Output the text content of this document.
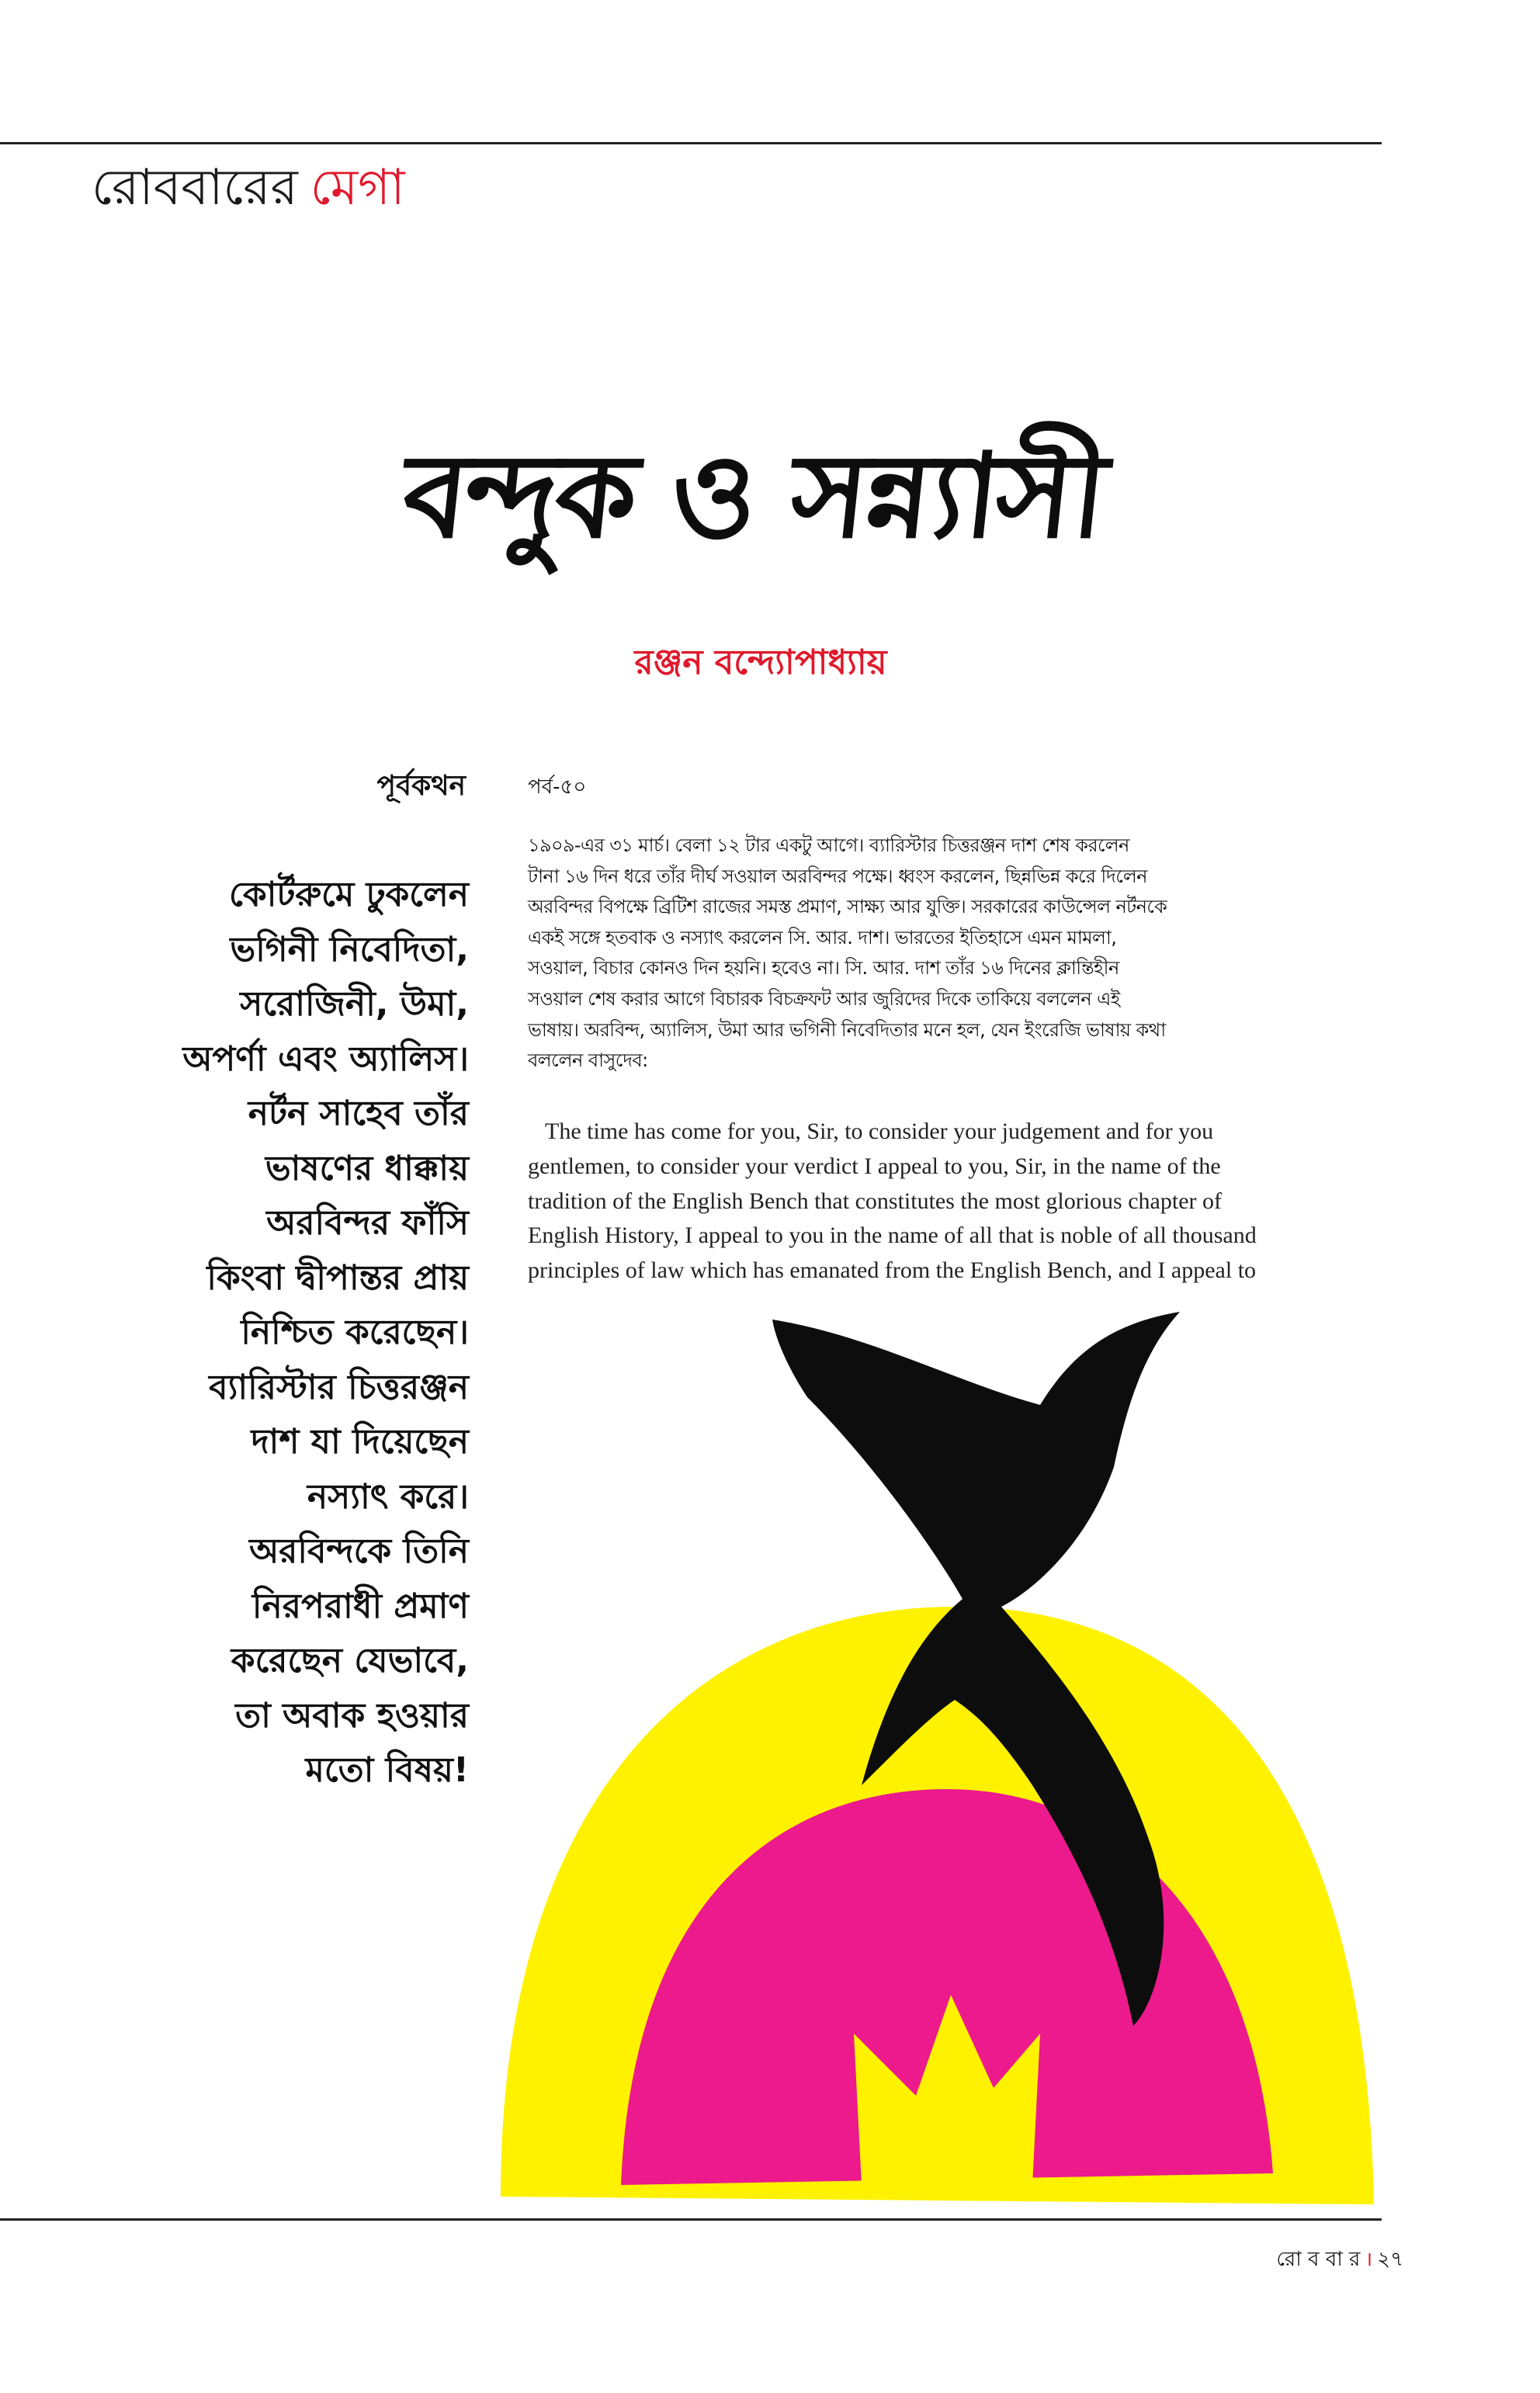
রোববারের মেগা
বন্দুক ও সন্ন্যাসী
রঞ্জন বন্দ্যোপাধ্যায়
পূর্বকথন
কোর্টরুমে ঢুকলেন
ভগিনী নিবেদিতা,
সরোজিনী, উমা,
অপর্ণা এবং অ্যালিস।
নর্টন সাহেব তাঁর
ভাষণের ধাক্কায়
অরবিন্দর ফাঁসি
কিংবা দ্বীপান্তর প্রায়
নিশ্চিত করেছেন।
ব্যারিস্টার চিত্তরঞ্জন
দাশ যা দিয়েছেন
নস্যাৎ করে।
অরবিন্দকে তিনি
নিরপরাধী প্রমাণ
করেছেন যেভাবে,
তা অবাক হওয়ার
মতো বিষয়!
পর্ব-৫০
১৯০৯-এর ৩১ মার্চ। বেলা ১২ টার একটু আগে। ব্যারিস্টার চিত্তরঞ্জন দাশ শেষ করলেন
টানা ১৬ দিন ধরে তাঁর দীর্ঘ সওয়াল অরবিন্দর পক্ষে। ধ্বংস করলেন, ছিন্নভিন্ন করে দিলেন
অরবিন্দর বিপক্ষে ব্রিটিশ রাজের সমস্ত প্রমাণ, সাক্ষ্য আর যুক্তি। সরকারের কাউন্সেল নর্টনকে
একই সঙ্গে হতবাক ও নস্যাৎ করলেন সি. আর. দাশ। ভারতের ইতিহাসে এমন মামলা,
সওয়াল, বিচার কোনও দিন হয়নি। হবেও না। সি. আর. দাশ তাঁর ১৬ দিনের ক্লান্তিহীন
সওয়াল শেষ করার আগে বিচারক বিচক্রফট আর জুরিদের দিকে তাকিয়ে বললেন এই
ভাষায়। অরবিন্দ, অ্যালিস, উমা আর ভগিনী নিবেদিতার মনে হল, যেন ইংরেজি ভাষায় কথা
বললেন বাসুদেব:
The time has come for you, Sir, to consider your judgement and for you
gentlemen, to consider your verdict I appeal to you, Sir, in the name of the
tradition of the English Bench that constitutes the most glorious chapter of
English History, I appeal to you in the name of all that is noble of all thousand
principles of law which has emanated from the English Bench, and I appeal to
রো ব বা র । ২৭
